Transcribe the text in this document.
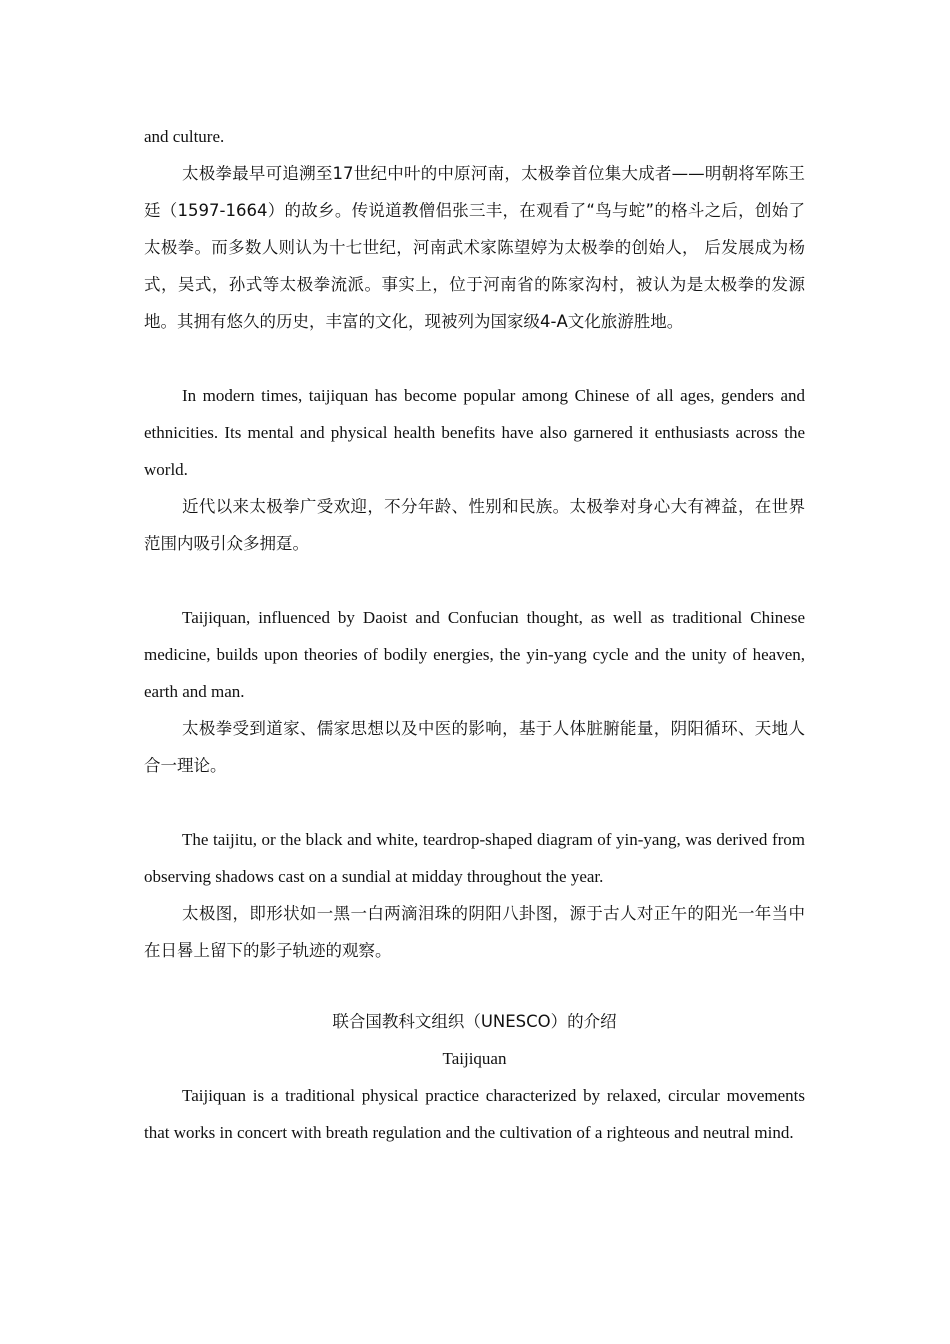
and culture.

太极拳最早可追溯至17世纪中叶的中原河南，太极拳首位集大成者——明朝将军陈王廷（1597-1664）的故乡。传说道教僧侣张三丰，在观看了“鸟与蛇”的格斗之后，创始了太极拳。而多数人则认为十七世纪，河南武术家陈望婷为太极拳的创始人， 后发展成为杨式，吴式，孙式等太极拳流派。事实上，位于河南省的陈家沟村，被认为是太极拳的发源地。其拥有悠久的历史，丰富的文化，现被列为国家级4-A文化旅游胜地。

In modern times, taijiquan has become popular among Chinese of all ages, genders and ethnicities. Its mental and physical health benefits have also garnered it enthusiasts across the world.

近代以来太极拳广受欢迎，不分年龄、性别和民族。太极拳对身心大有裨益，在世界范围内吸引众多拥趸。

Taijiquan, influenced by Daoist and Confucian thought, as well as traditional Chinese medicine, builds upon theories of bodily energies, the yin-yang cycle and the unity of heaven, earth and man.

太极拳受到道家、儒家思想以及中医的影响，基于人体脏腑能量，阴阳循环、天地人合一理论。

The taijitu, or the black and white, teardrop-shaped diagram of yin-yang, was derived from observing shadows cast on a sundial at midday throughout the year.

太极图，即形状如一黑一白两滴泪珠的阴阳八卦图，源于古人对正午的阳光一年当中在日晷上留下的影子轨迹的观察。

联合国教科文组织（UNESCO）的介绍

Taijiquan

Taijiquan is a traditional physical practice characterized by relaxed, circular movements that works in concert with breath regulation and the cultivation of a righteous and neutral mind.
